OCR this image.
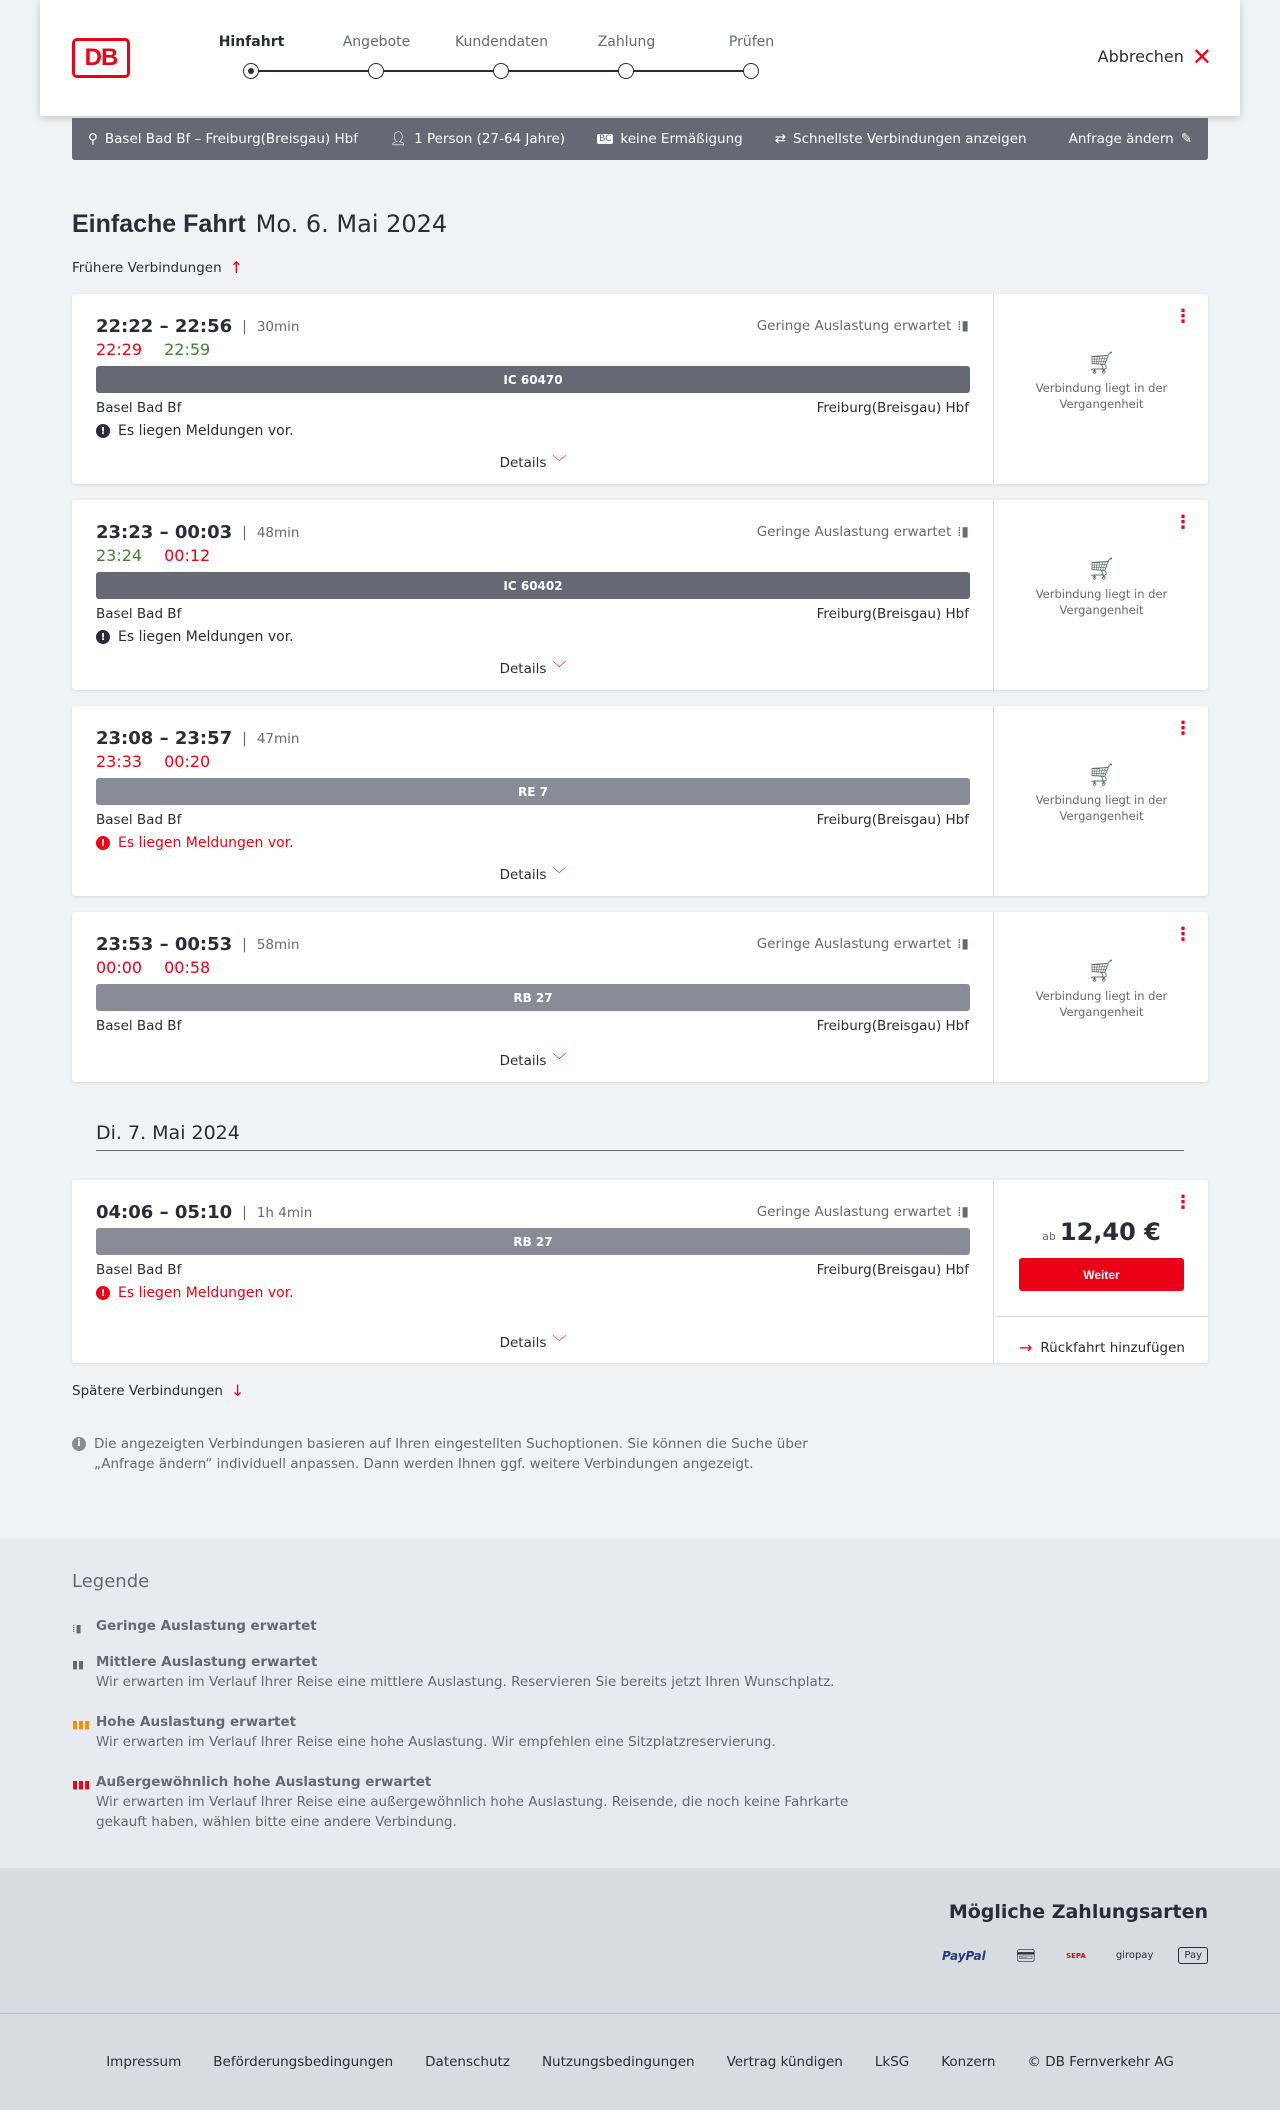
DB
Hinfahrt	Angebote	Kundendaten	Zahlung	Prüfen
Abbrechen ✕
⚲ Basel Bad Bf – Freiburg(Breisgau) Hbf 👤︎ 1 Person (27-64 Jahre)	BC keine Ermäßigung ⇄ Schnellste Verbindungen anzeigen	Anfrage ändern ✎
Einfache Fahrt Mo. 6. Mai 2024
Frühere Verbindungen ↑
22:22 – 22:56 | 30min	Geringe Auslastung erwartet ⁞▮
22:29 22:59
IC 60470
Basel Bad Bf	Freiburg(Breisgau) Hbf
! Es liegen Meldungen vor.
Details ﹀
⋮
🛒︎
Verbindung liegt in der Vergangenheit
23:23 – 00:03 | 48min	Geringe Auslastung erwartet ⁞▮
23:24 00:12
IC 60402
Basel Bad Bf	Freiburg(Breisgau) Hbf
! Es liegen Meldungen vor.
Details ﹀
⋮
🛒︎
Verbindung liegt in der Vergangenheit
23:08 – 23:57 | 47min
23:33 00:20
RE 7
Basel Bad Bf	Freiburg(Breisgau) Hbf
! Es liegen Meldungen vor.
Details ﹀
⋮
🛒︎
Verbindung liegt in der Vergangenheit
23:53 – 00:53 | 58min	Geringe Auslastung erwartet ⁞▮
00:00 00:58
RB 27
Basel Bad Bf	Freiburg(Breisgau) Hbf
Details ﹀
⋮
🛒︎
Verbindung liegt in der Vergangenheit
Di. 7. Mai 2024
04:06 – 05:10 | 1h 4min	Geringe Auslastung erwartet ⁞▮
RB 27
Basel Bad Bf	Freiburg(Breisgau) Hbf
! Es liegen Meldungen vor.
Details ﹀
⋮
ab 12,40 €
Weiter
→ Rückfahrt hinzufügen
Spätere Verbindungen ↓
i Die angezeigten Verbindungen basieren auf Ihren eingestellten Suchoptionen. Sie können die Suche über „Anfrage ändern“ individuell anpassen. Dann werden Ihnen ggf. weitere Verbindungen angezeigt.
Legende
⁞▮ Geringe Auslastung erwartet
▮▮ Mittlere Auslastung erwartet
Wir erwarten im Verlauf Ihrer Reise eine mittlere Auslastung. Reservieren Sie bereits jetzt Ihren Wunschplatz.
▮▮▮ Hohe Auslastung erwartet
Wir erwarten im Verlauf Ihrer Reise eine hohe Auslastung. Wir empfehlen eine Sitzplatzreservierung.
▮▮▮ Außergewöhnlich hohe Auslastung erwartet
Wir erwarten im Verlauf Ihrer Reise eine außergewöhnlich hohe Auslastung. Reisende, die noch keine Fahrkarte gekauft haben, wählen bitte eine andere Verbindung.
Mögliche Zahlungsarten
PayPal	💳︎	SEPA	giropay	Pay
Impressum Beförderungsbedingungen Datenschutz Nutzungsbedingungen Vertrag kündigen LkSG Konzern © DB Fernverkehr AG
